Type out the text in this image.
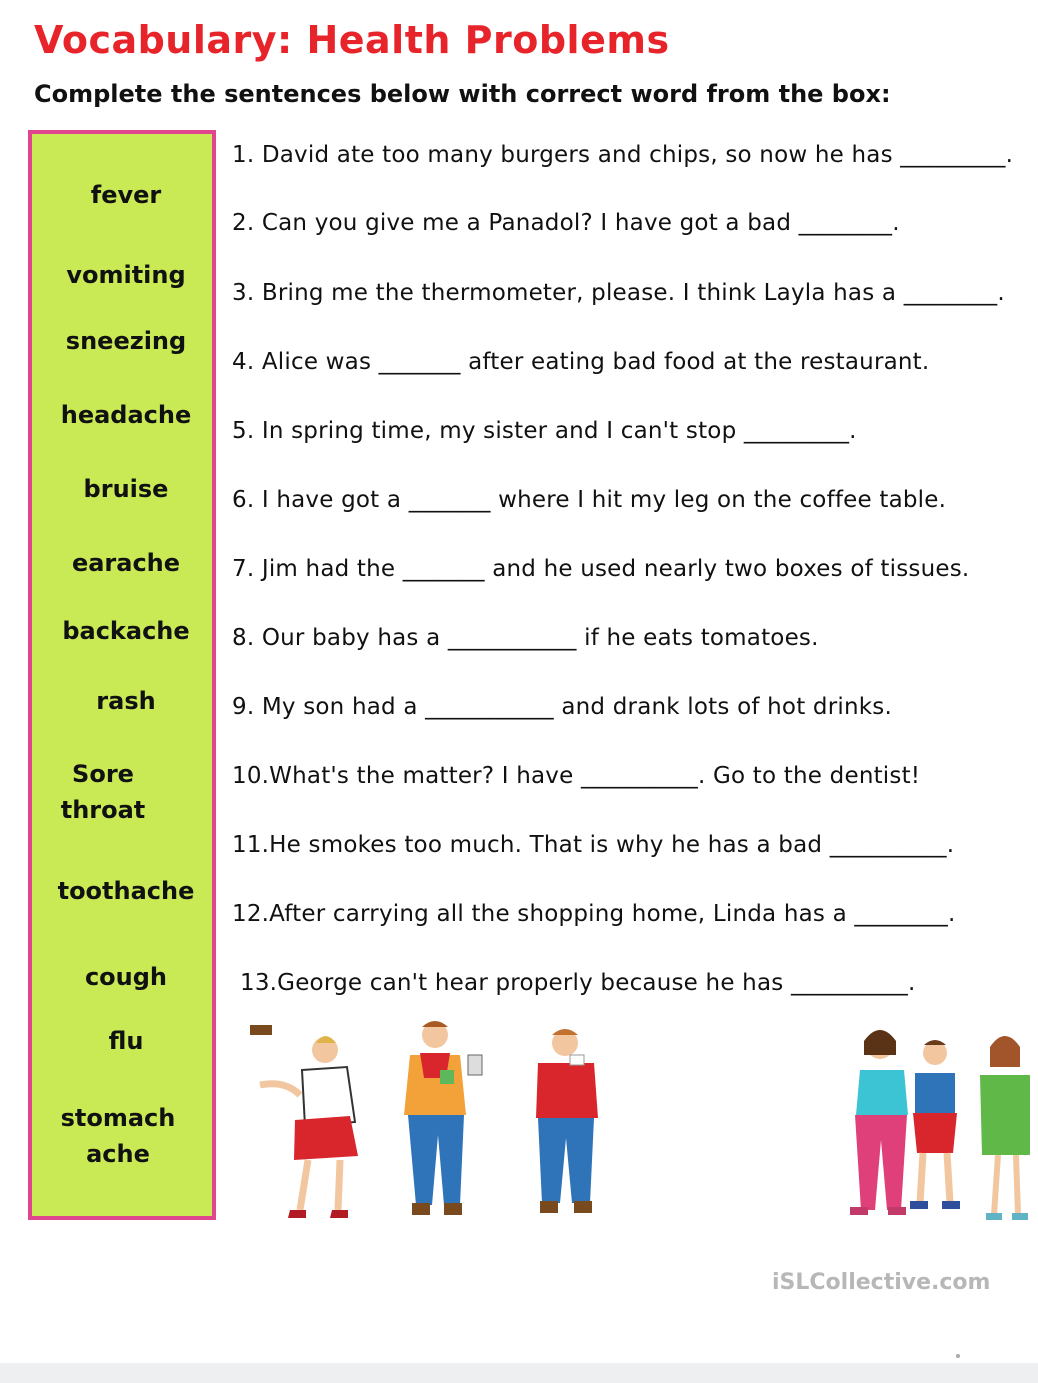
Vocabulary: Health Problems
Complete the sentences below with correct word from the box:
fever
vomiting
sneezing
headache
bruise
earache
backache
rash
Sore throat
toothache
cough
flu
stomach ache
1. David ate too many burgers and chips, so now he has _________.
2. Can you give me a Panadol? I have got a bad ________.
3. Bring me the thermometer, please. I think Layla has a ________.
4. Alice was _______ after eating bad food at the restaurant.
5. In spring time, my sister and I can't stop _________.
6. I have got a _______ where I hit my leg on the coffee table.
7. Jim had the _______ and he used nearly two boxes of tissues.
8. Our baby has a ___________ if he eats tomatoes.
9. My son had a ___________ and drank lots of hot drinks.
10.What's the matter? I have __________. Go to the dentist!
11.He smokes too much. That is why he has a bad __________.
12.After carrying all the shopping home, Linda has a ________.
13.George can't hear properly because he has __________.
iSLCollective.com
